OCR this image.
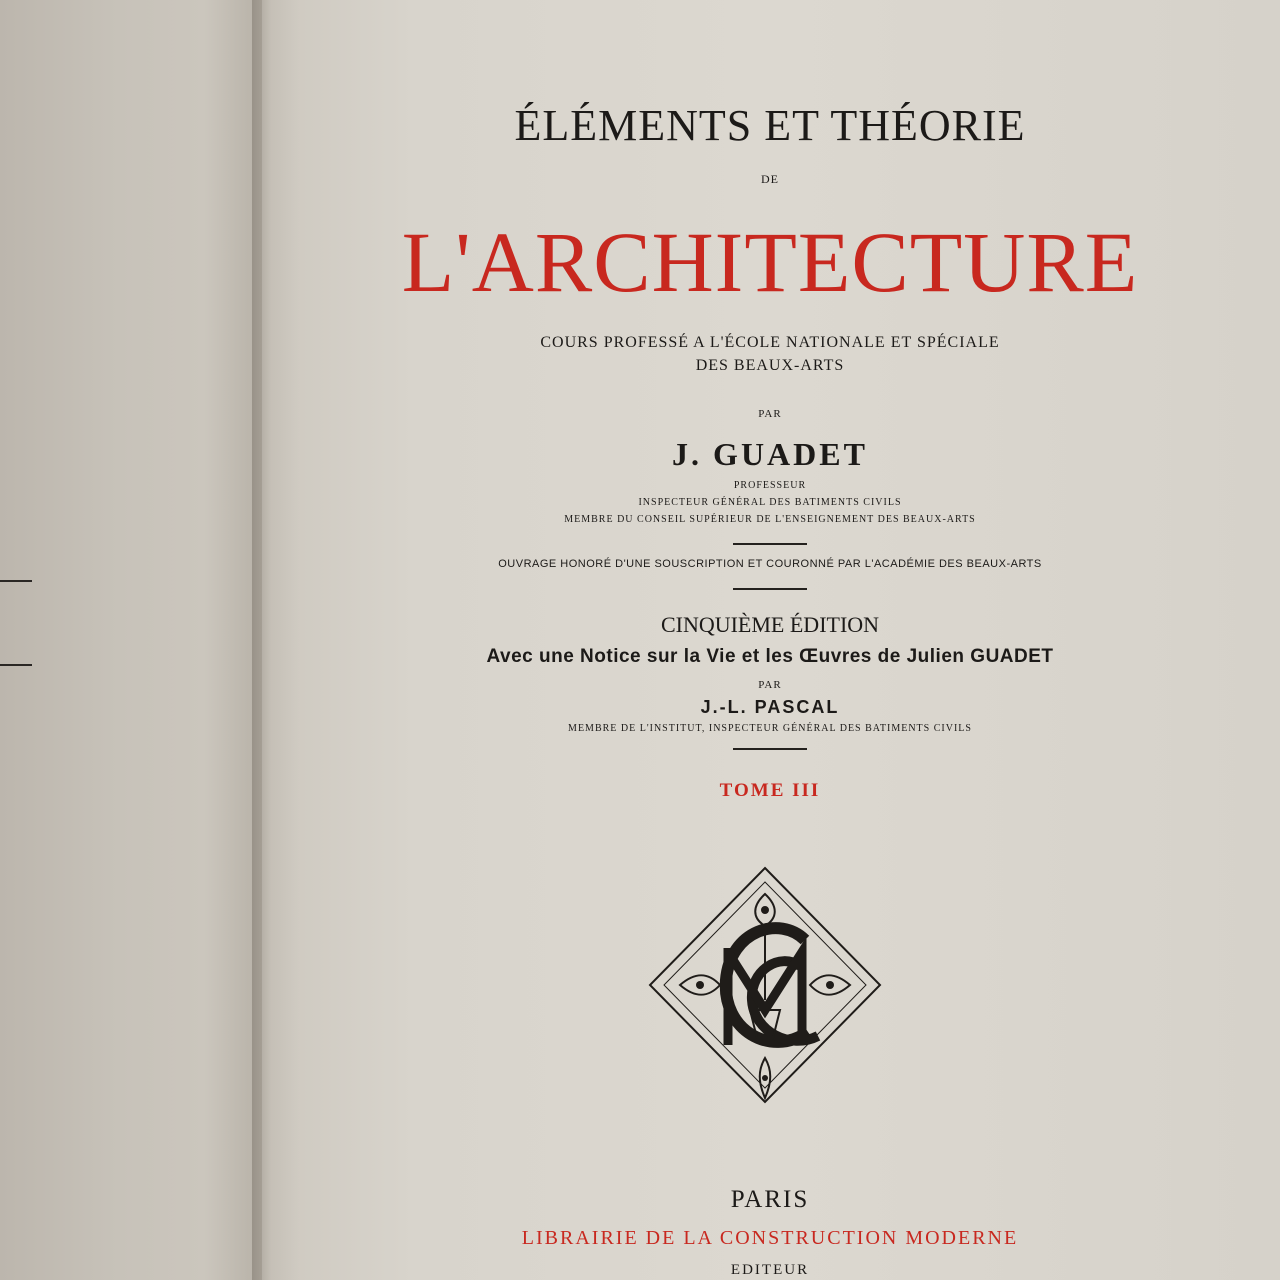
ÉLÉMENTS ET THÉORIE
DE
L'ARCHITECTURE
COURS PROFESSÉ A L'ÉCOLE NATIONALE ET SPÉCIALE
DES BEAUX-ARTS
PAR
J. GUADET
PROFESSEUR
INSPECTEUR GÉNÉRAL DES BATIMENTS CIVILS
MEMBRE DU CONSEIL SUPÉRIEUR DE L'ENSEIGNEMENT DES BEAUX-ARTS
OUVRAGE HONORÉ D'UNE SOUSCRIPTION ET COURONNÉ PAR L'ACADÉMIE DES BEAUX-ARTS
CINQUIÈME ÉDITION
Avec une Notice sur la Vie et les Œuvres de Julien GUADET
PAR
J.-L. PASCAL
MEMBRE DE L'INSTITUT, INSPECTEUR GÉNÉRAL DES BATIMENTS CIVILS
TOME III
PARIS
LIBRAIRIE DE LA CONSTRUCTION MODERNE
EDITEUR
